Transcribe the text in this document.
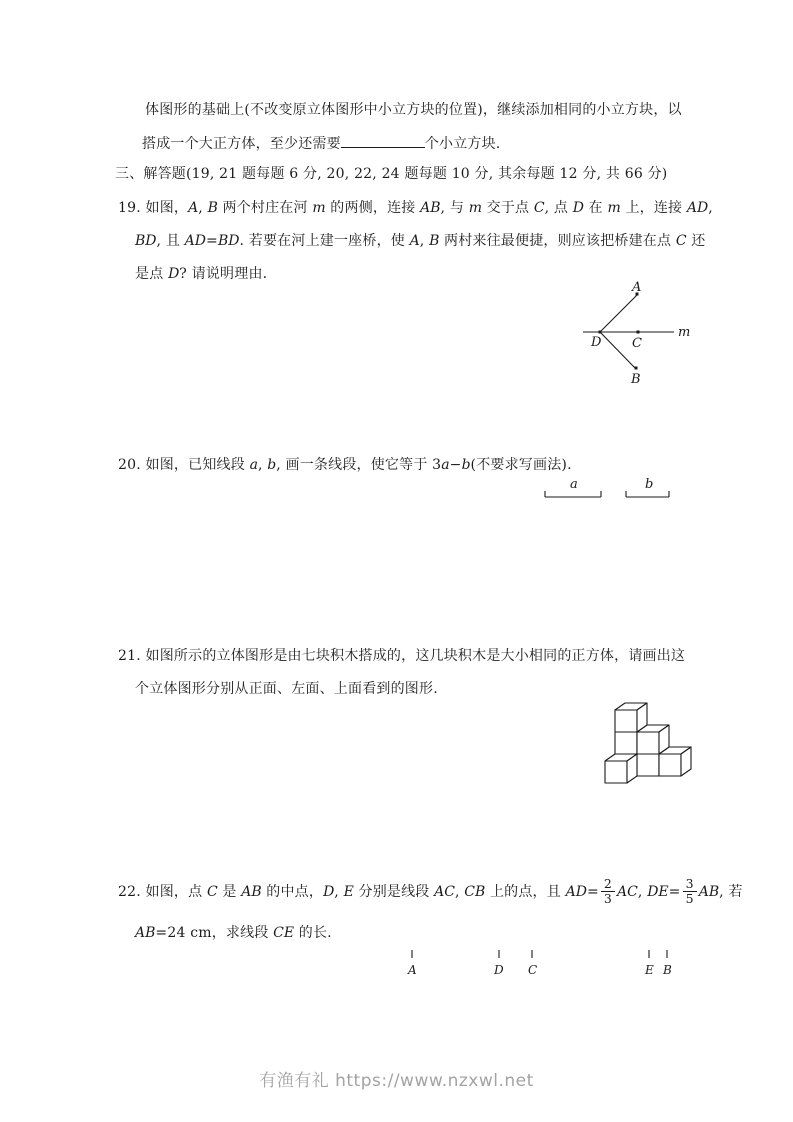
体图形的基础上(不改变原立体图形中小立方块的位置)，继续添加相同的小立方块，以
搭成一个大正方体，至少还需要	个小立方块.
三、解答题(19, 21 题每题 6 分, 20, 22, 24 题每题 10 分, 其余每题 12 分, 共 66 分)
19. 如图，A, B 两个村庄在河 m 的两侧，连接 AB, 与 m 交于点 C, 点 D 在 m 上，连接 AD,
BD, 且 AD=BD. 若要在河上建一座桥，使 A, B 两村来往最便捷，则应该把桥建在点 C 还
是点 D? 请说明理由.
A
B
C
D
m
20. 如图，已知线段 a, b, 画一条线段，使它等于 3a−b(不要求写画法).
a	b
21. 如图所示的立体图形是由七块积木搭成的，这几块积木是大小相同的正方体，请画出这
个立体图形分别从正面、左面、上面看到的图形.
22. 如图，点 C 是 AB 的中点，D, E 分别是线段 AC, CB 上的点，且 $AD= \frac{2}{3}$ AC, $DE= \frac{3}{5}$ AB, 若
AB=24 cm，求线段 CE 的长.
A	D C	E B
有渔有礼 https://www.nzxwl.net
